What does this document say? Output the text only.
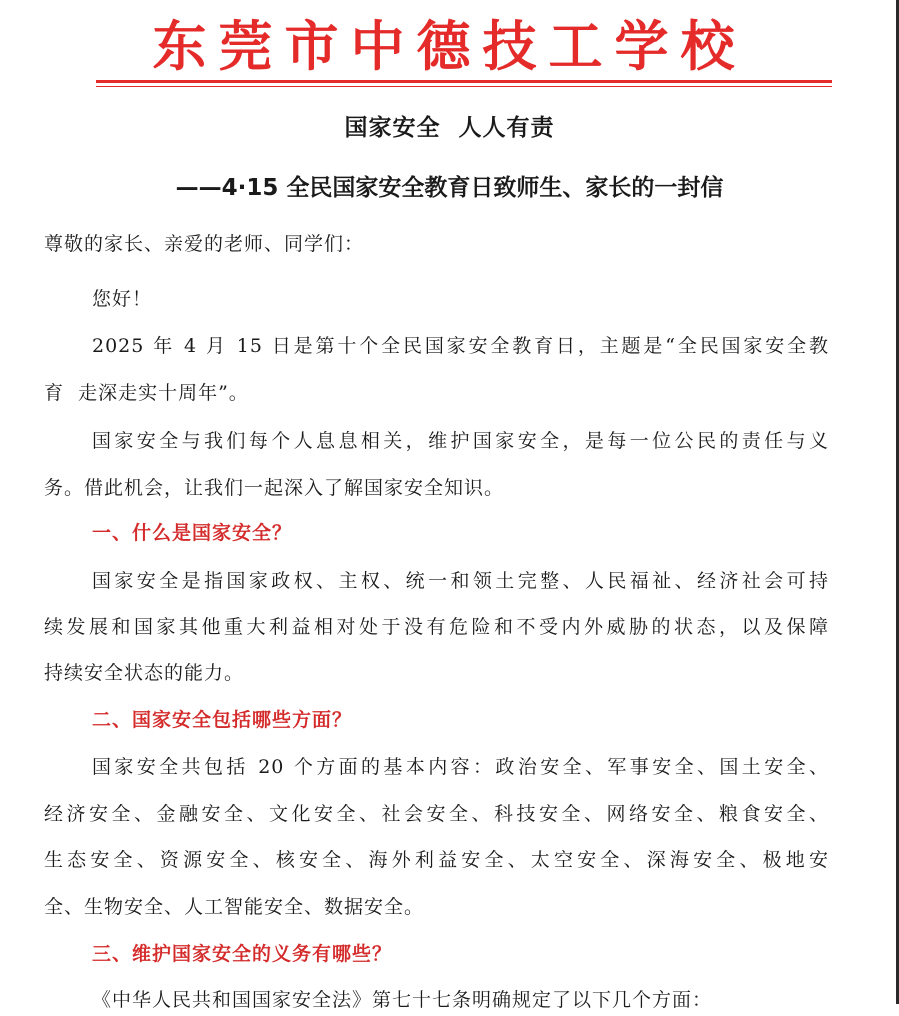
东莞市中德技工学校
国家安全  人人有责
——4·15 全民国家安全教育日致师生、家长的一封信
尊敬的家长、亲爱的老师、同学们：
您好！
2025 年 4 月 15 日是第十个全民国家安全教育日，主题是“全民国家安全教
育  走深走实十周年”。
国家安全与我们每个人息息相关，维护国家安全，是每一位公民的责任与义
务。借此机会，让我们一起深入了解国家安全知识。
一、什么是国家安全？
国家安全是指国家政权、主权、统一和领土完整、人民福祉、经济社会可持
续发展和国家其他重大利益相对处于没有危险和不受内外威胁的状态，以及保障
持续安全状态的能力。
二、国家安全包括哪些方面？
国家安全共包括 20 个方面的基本内容：政治安全、军事安全、国土安全、
经济安全、金融安全、文化安全、社会安全、科技安全、网络安全、粮食安全、
生态安全、资源安全、核安全、海外利益安全、太空安全、深海安全、极地安
全、生物安全、人工智能安全、数据安全。
三、维护国家安全的义务有哪些？
《中华人民共和国国家安全法》第七十七条明确规定了以下几个方面：
